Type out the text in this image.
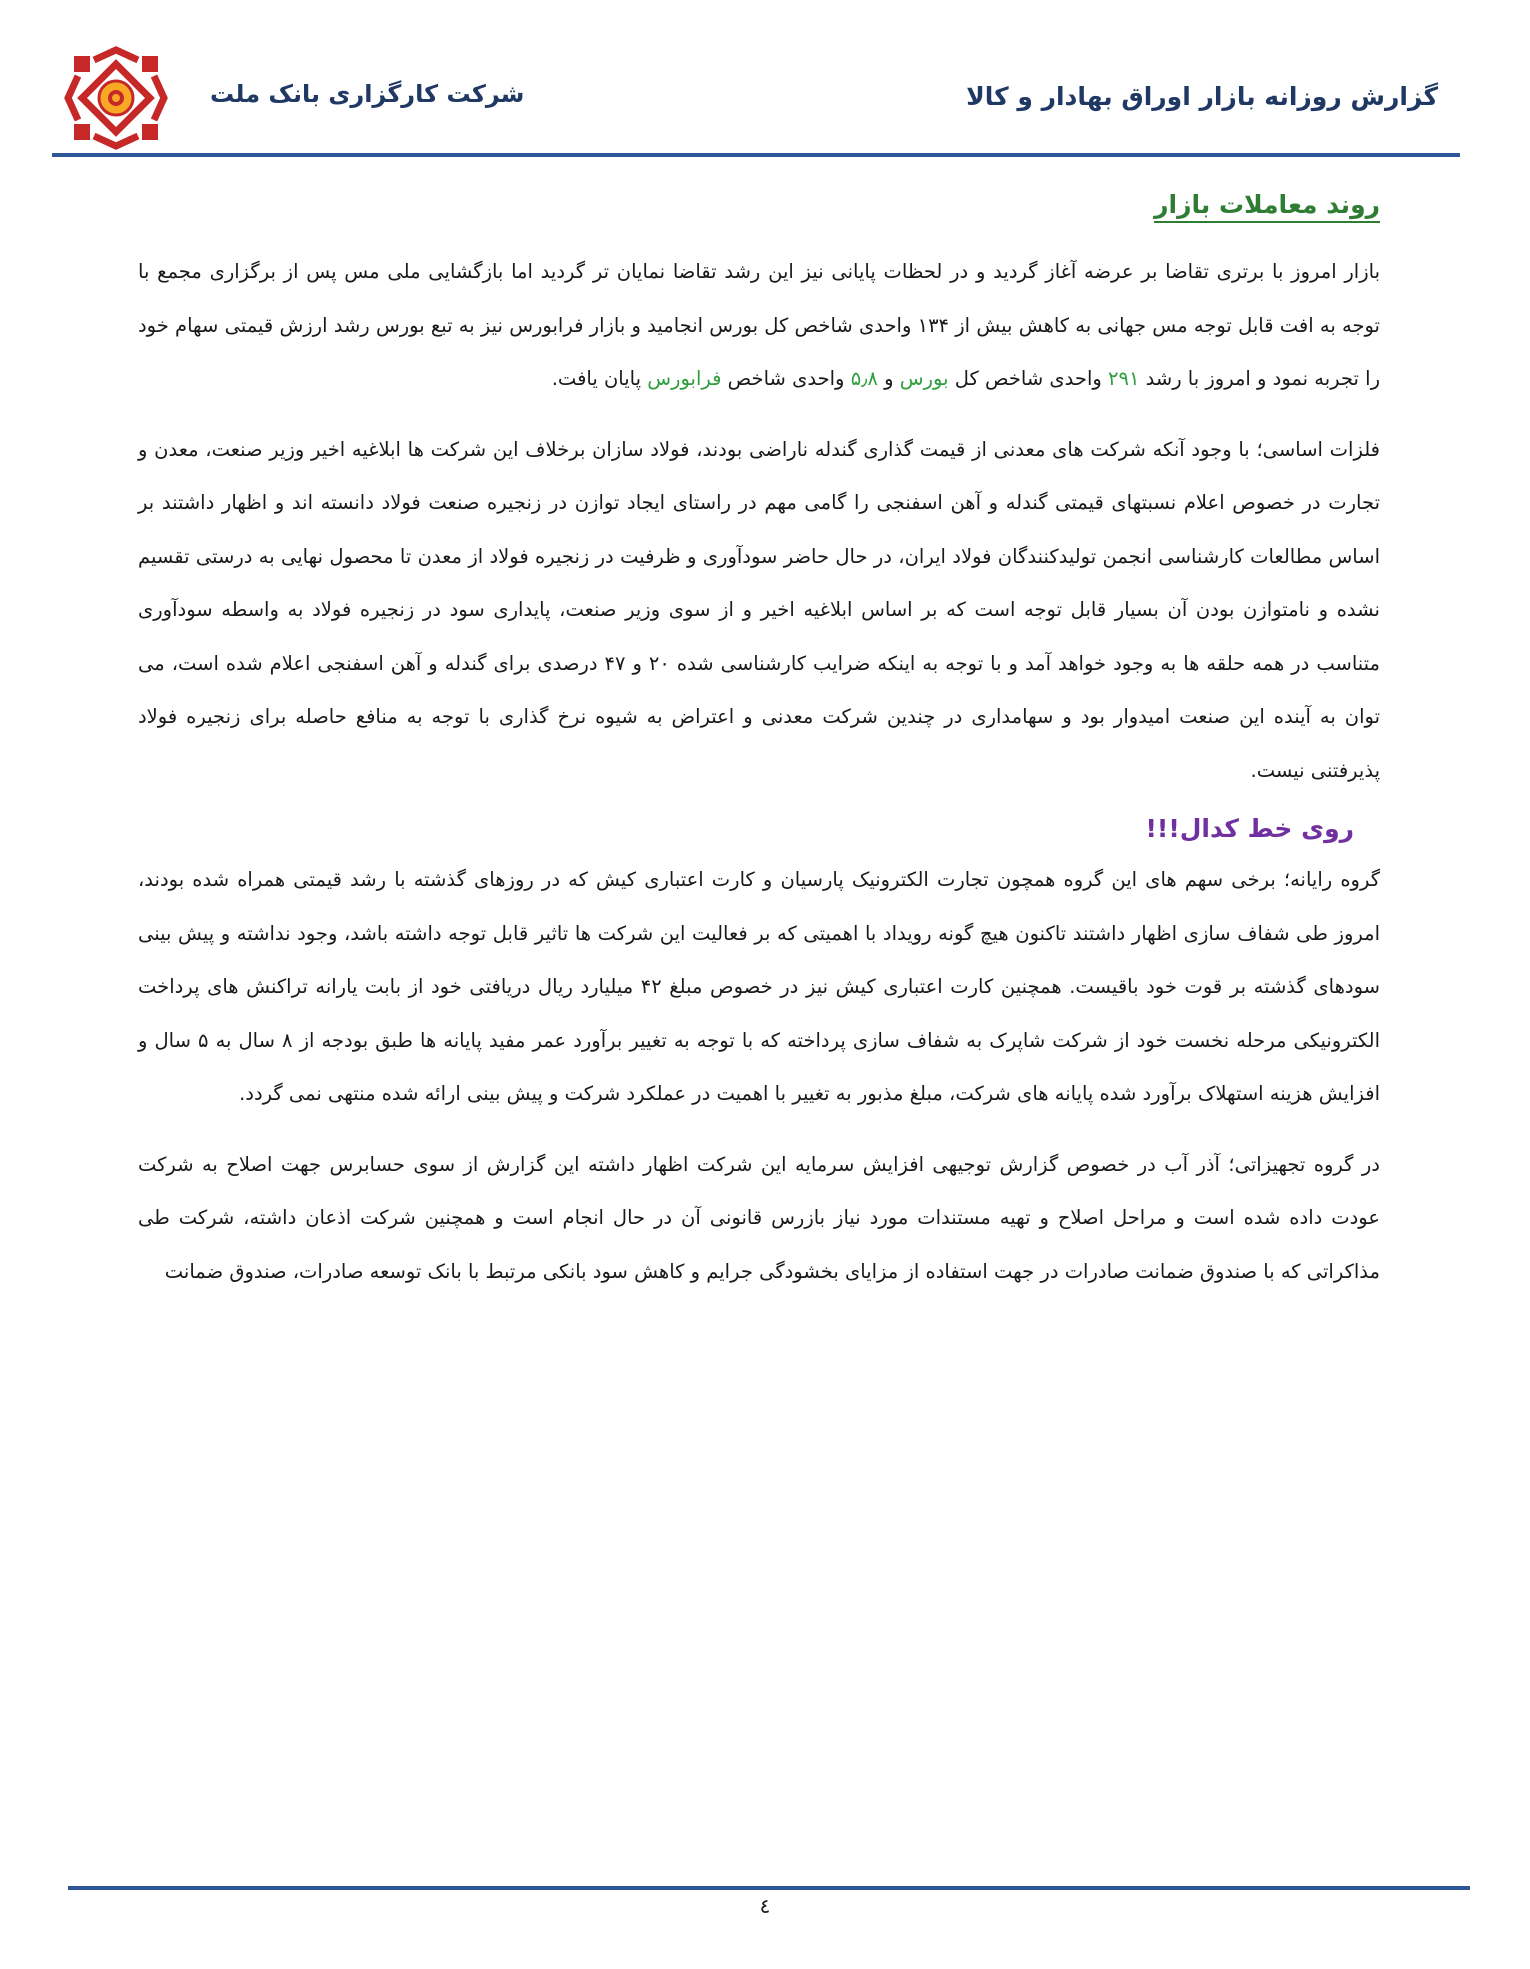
شرکت کارگزاری بانک ملت	گزارش روزانه بازار اوراق بهادار و کالا
روند معاملات بازار

بازار امروز با برتری تقاضا بر عرضه آغاز گردید و در لحظات پایانی نیز این رشد تقاضا نمایان تر گردید اما بازگشایی ملی مس پس از برگزاری مجمع با توجه به افت قابل توجه مس جهانی به کاهش بیش از ۱۳۴ واحدی شاخص کل بورس انجامید و بازار فرابورس نیز به تبع بورس رشد ارزش قیمتی سهام خود را تجربه نمود و امروز با رشد ۲۹۱ واحدی شاخص کل بورس و ۵٫۸ واحدی شاخص فرابورس پایان یافت.

فلزات اساسی؛ با وجود آنکه شرکت های معدنی از قیمت گذاری گندله ناراضی بودند، فولاد سازان برخلاف این شرکت ها ابلاغیه اخیر وزیر صنعت، معدن و تجارت در خصوص اعلام نسبتهای قیمتی گندله و آهن اسفنجی را گامی مهم در راستای ایجاد توازن در زنجیره صنعت فولاد دانسته اند و اظهار داشتند بر اساس مطالعات کارشناسی انجمن تولیدکنندگان فولاد ایران، در حال حاضر سودآوری و ظرفیت در زنجیره فولاد از معدن تا محصول نهایی به درستی تقسیم نشده و نامتوازن بودن آن بسیار قابل توجه است که بر اساس ابلاغیه اخیر و از سوی وزیر صنعت، پایداری سود در زنجیره فولاد به واسطه سودآوری متناسب در همه حلقه ها به وجود خواهد آمد و با توجه به اینکه ضرایب کارشناسی شده ۲۰ و ۴۷ درصدی برای گندله و آهن اسفنجی اعلام شده است، می توان به آینده این صنعت امیدوار بود و سهامداری در چندین شرکت معدنی و اعتراض به شیوه نرخ گذاری با توجه به منافع حاصله برای زنجیره فولاد پذیرفتنی نیست.

روی خط کدال!!!

گروه رایانه؛ برخی سهم های این گروه همچون تجارت الکترونیک پارسیان و کارت اعتباری کیش که در روزهای گذشته با رشد قیمتی همراه شده بودند، امروز طی شفاف سازی اظهار داشتند تاکنون هیچ گونه رویداد با اهمیتی که بر فعالیت این شرکت ها تاثیر قابل توجه داشته باشد، وجود نداشته و پیش بینی سودهای گذشته بر قوت خود باقیست. همچنین کارت اعتباری کیش نیز در خصوص مبلغ ۴۲ میلیارد ریال دریافتی خود از بابت یارانه تراکنش های پرداخت الکترونیکی مرحله نخست خود از شرکت شاپرک به شفاف سازی پرداخته که با توجه به تغییر برآورد عمر مفید پایانه ها طبق بودجه از ۸ سال به ۵ سال و افزایش هزینه استهلاک برآورد شده پایانه های شرکت، مبلغ مذبور به تغییر با اهمیت در عملکرد شرکت و پیش بینی ارائه شده منتهی نمی گردد.

در گروه تجهیزاتی؛ آذر آب در خصوص گزارش توجیهی افزایش سرمایه این شرکت اظهار داشته این گزارش از سوی حسابرس جهت اصلاح به شرکت عودت داده شده است و مراحل اصلاح و تهیه مستندات مورد نیاز بازرس قانونی آن در حال انجام است و همچنین شرکت اذعان داشته، شرکت طی مذاکراتی که با صندوق ضمانت صادرات در جهت استفاده از مزایای بخشودگی جرایم و کاهش سود بانکی مرتبط با بانک توسعه صادرات، صندوق ضمانت

٤
